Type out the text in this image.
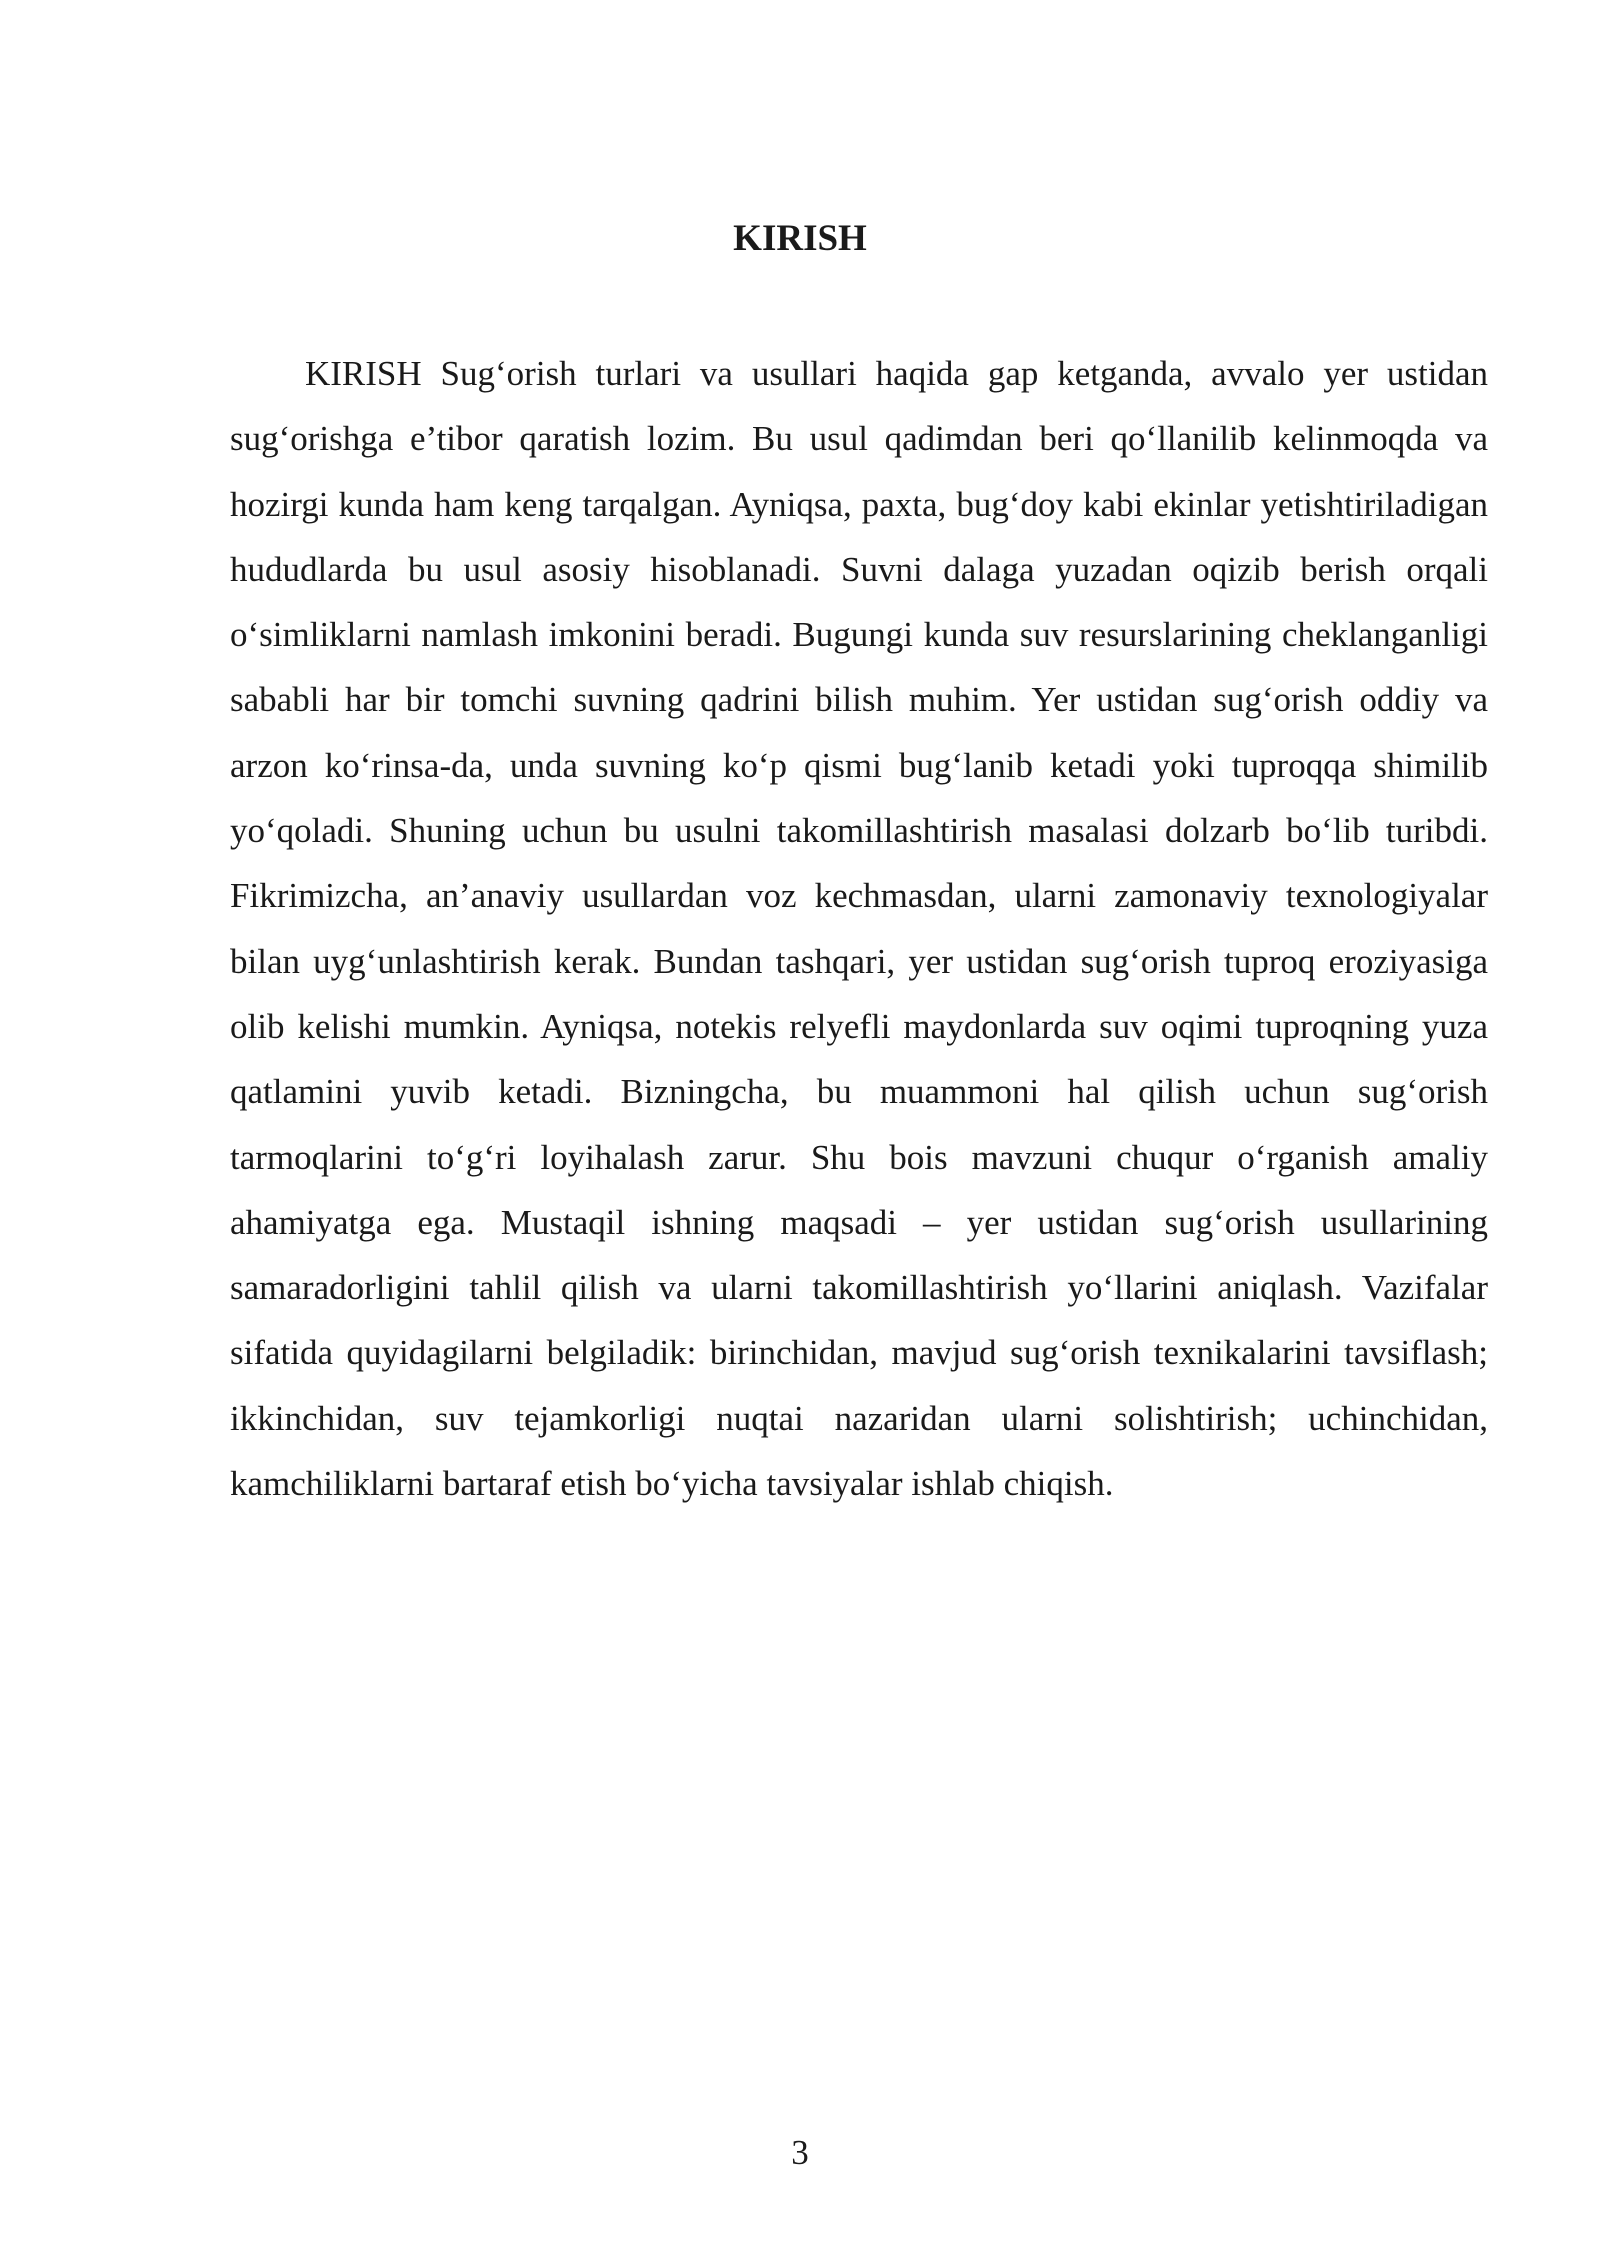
KIRISH

KIRISH Sug‘orish turlari va usullari haqida gap ketganda, avvalo yer ustidan sug‘orishga e’tibor qaratish lozim. Bu usul qadimdan beri qo‘llanilib kelinmoqda va hozirgi kunda ham keng tarqalgan. Ayniqsa, paxta, bug‘doy kabi ekinlar yetishtiriladigan hududlarda bu usul asosiy hisoblanadi. Suvni dalaga yuzadan oqizib berish orqali o‘simliklarni namlash imkonini beradi. Bugungi kunda suv resurslarining cheklanganligi sababli har bir tomchi suvning qadrini bilish muhim. Yer ustidan sug‘orish oddiy va arzon ko‘rinsa-da, unda suvning ko‘p qismi bug‘lanib ketadi yoki tuproqqa shimilib yo‘qoladi. Shuning uchun bu usulni takomillashtirish masalasi dolzarb bo‘lib turibdi. Fikrimizcha, an’anaviy usullardan voz kechmasdan, ularni zamonaviy texnologiyalar bilan uyg‘unlashtirish kerak. Bundan tashqari, yer ustidan sug‘orish tuproq eroziyasiga olib kelishi mumkin. Ayniqsa, notekis relyefli maydonlarda suv oqimi tuproqning yuza qatlamini yuvib ketadi. Bizningcha, bu muammoni hal qilish uchun sug‘orish tarmoqlarini to‘g‘ri loyihalash zarur. Shu bois mavzuni chuqur o‘rganish amaliy ahamiyatga ega. Mustaqil ishning maqsadi – yer ustidan sug‘orish usullarining samaradorligini tahlil qilish va ularni takomillashtirish yo‘llarini aniqlash. Vazifalar sifatida quyidagilarni belgiladik: birinchidan, mavjud sug‘orish texnikalarini tavsiflash; ikkinchidan, suv tejamkorligi nuqtai nazaridan ularni solishtirish; uchinchidan, kamchiliklarni bartaraf etish bo‘yicha tavsiyalar ishlab chiqish.

3
